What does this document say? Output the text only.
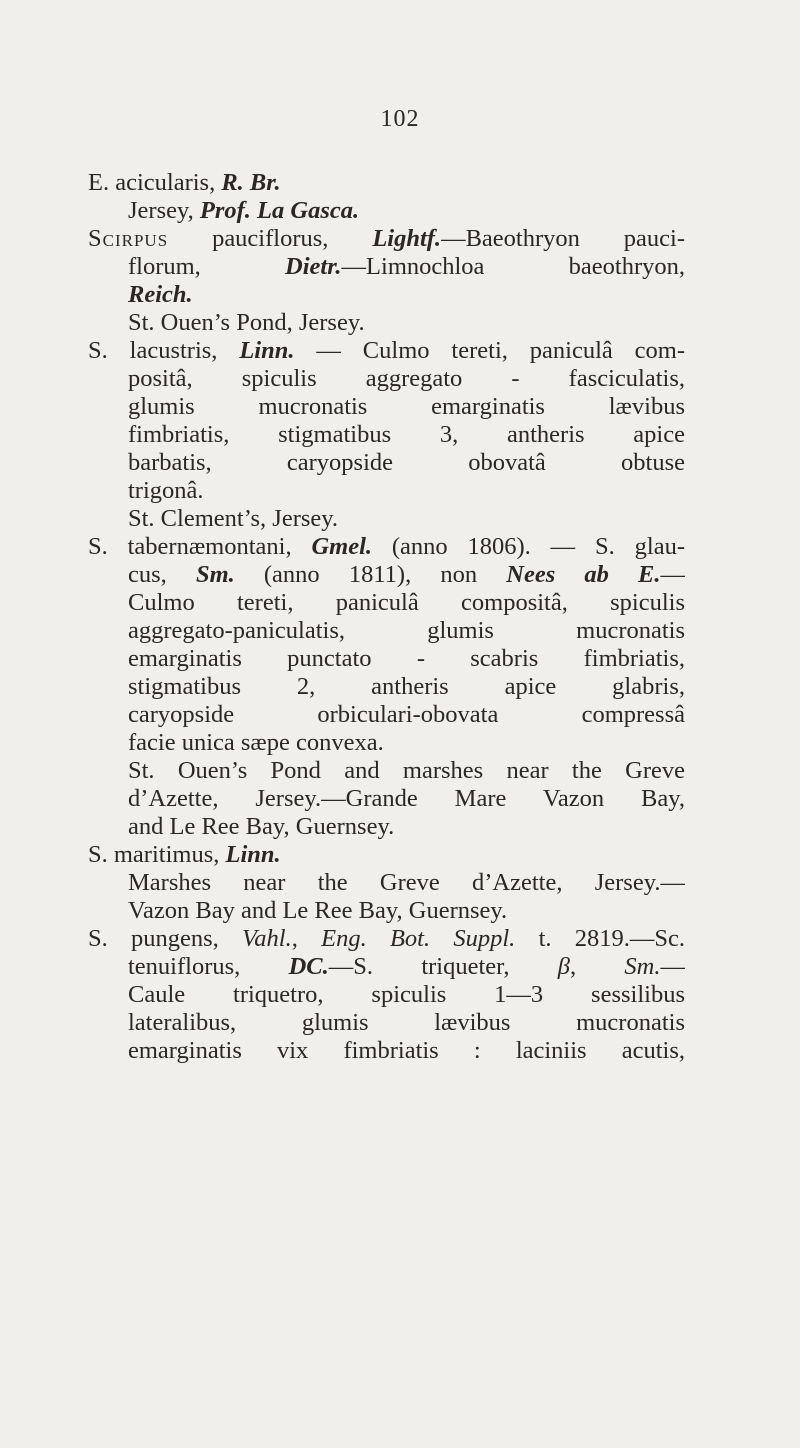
102
E. acicularis, R. Br.
Jersey, Prof. La Gasca.
Scirpus pauciflorus, Lightf.—Baeothryon pauci-
florum, Dietr.—Limnochloa baeothryon,
Reich.
St. Ouen’s Pond, Jersey.
S. lacustris, Linn. — Culmo tereti, paniculâ com-
positâ, spiculis aggregato - fasciculatis,
glumis mucronatis emarginatis lævibus
fimbriatis, stigmatibus 3, antheris apice
barbatis, caryopside obovatâ obtuse
trigonâ.
St. Clement’s, Jersey.
S. tabernæmontani, Gmel. (anno 1806). — S. glau-
cus, Sm. (anno 1811), non Nees ab E.—
Culmo tereti, paniculâ compositâ, spiculis
aggregato-paniculatis, glumis mucronatis
emarginatis punctato - scabris fimbriatis,
stigmatibus 2, antheris apice glabris,
caryopside orbiculari-obovata compressâ
facie unica sæpe convexa.
St. Ouen’s Pond and marshes near the Greve
d’Azette, Jersey.—Grande Mare Vazon Bay,
and Le Ree Bay, Guernsey.
S. maritimus, Linn.
Marshes near the Greve d’Azette, Jersey.—
Vazon Bay and Le Ree Bay, Guernsey.
S. pungens, Vahl., Eng. Bot. Suppl. t. 2819.—Sc.
tenuiflorus, DC.—S. triqueter, β, Sm.—
Caule triquetro, spiculis 1—3 sessilibus
lateralibus, glumis lævibus mucronatis
emarginatis vix fimbriatis : laciniis acutis,
